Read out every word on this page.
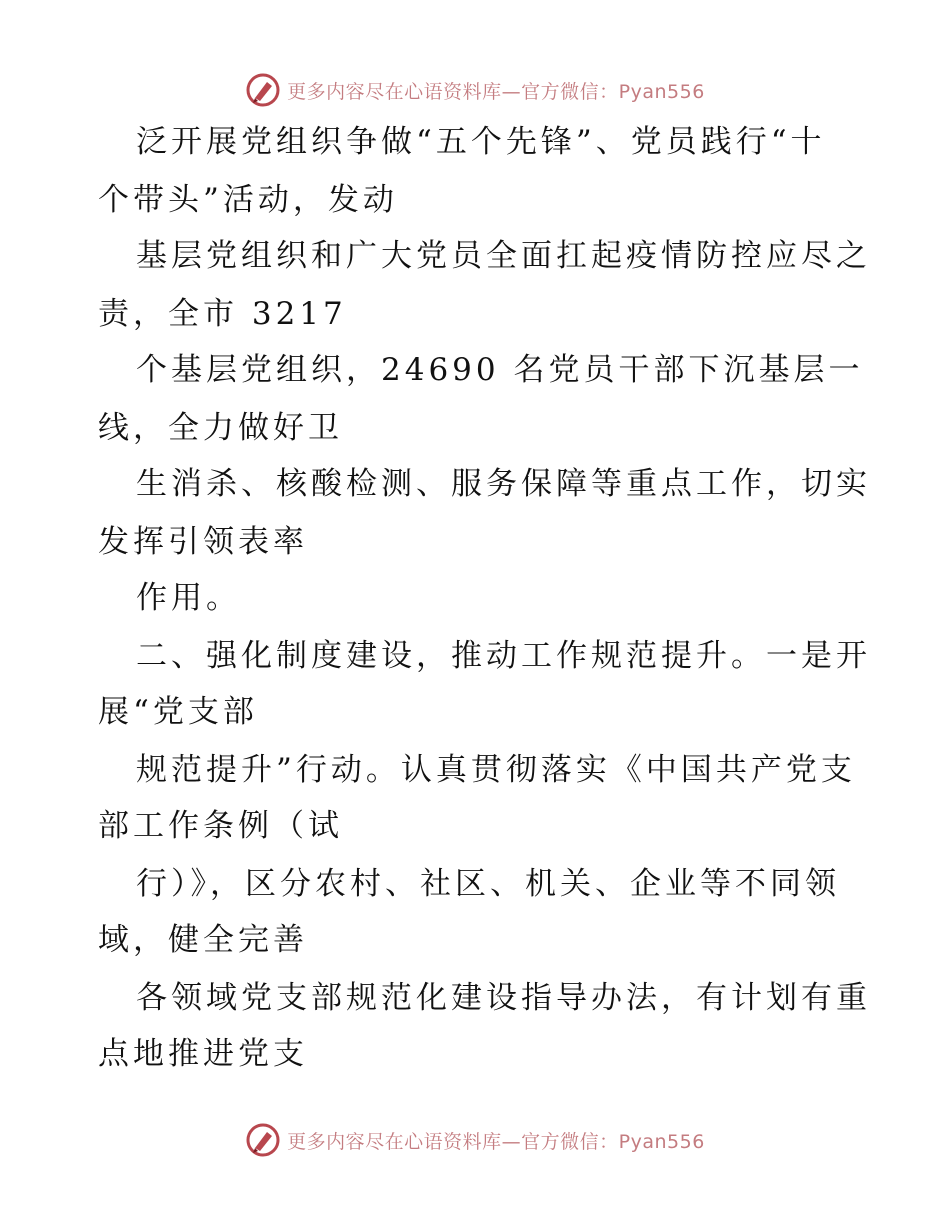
更多内容尽在心语资料库—官方微信：Pyan556
泛开展党组织争做“五个先锋”、党员践行“十
个带头”活动，发动
基层党组织和广大党员全面扛起疫情防控应尽之
责，全市 3217
个基层党组织，24690 名党员干部下沉基层一
线，全力做好卫
生消杀、核酸检测、服务保障等重点工作，切实
发挥引领表率
作用。
二、强化制度建设，推动工作规范提升。一是开
展“党支部
规范提升”行动。认真贯彻落实《中国共产党支
部工作条例（试
行）》，区分农村、社区、机关、企业等不同领
域，健全完善
各领域党支部规范化建设指导办法，有计划有重
点地推进党支
更多内容尽在心语资料库—官方微信：Pyan556
